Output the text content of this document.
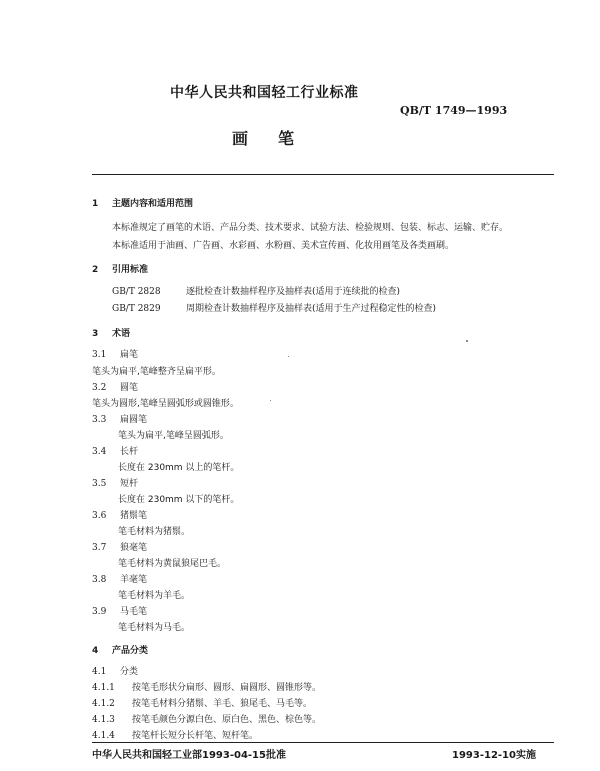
中华人民共和国轻工行业标准
QB/T 1749—1993
画笔
1 主题内容和适用范围
本标准规定了画笔的术语、产品分类、技术要求、试验方法、检验规则、包装、标志、运输、贮存。
本标准适用于油画、广告画、水彩画、水粉画、美术宣传画、化妆用画笔及各类画刷。
2 引用标准
GB/T 2828	逐批检查计数抽样程序及抽样表(适用于连续批的检查)
GB/T 2829	周期检查计数抽样程序及抽样表(适用于生产过程稳定性的检查)
3 术语
3.1 扁笔
笔头为扁平,笔峰整齐呈扁平形。
3.2 圆笔
笔头为圆形,笔峰呈圆弧形或圆锥形。
3.3 扁圆笔
笔头为扁平,笔峰呈圆弧形。
3.4 长杆
长度在 230mm 以上的笔杆。
3.5 短杆
长度在 230mm 以下的笔杆。
3.6 猪鬃笔
笔毛材料为猪鬃。
3.7 狼毫笔
笔毛材料为黄鼠狼尾巴毛。
3.8 羊毫笔
笔毛材料为羊毛。
3.9 马毛笔
笔毛材料为马毛。
4 产品分类
4.1 分类
4.1.1 按笔毛形状分扁形、圆形、扁圆形、圆锥形等。
4.1.2 按笔毛材料分猪鬃、羊毛、狼尾毛、马毛等。
4.1.3 按笔毛颜色分源白色、原白色、黑色、棕色等。
4.1.4 按笔杆长短分长杆笔、短杆笔。
中华人民共和国轻工业部1993-04-15批准	1993-12-10实施
